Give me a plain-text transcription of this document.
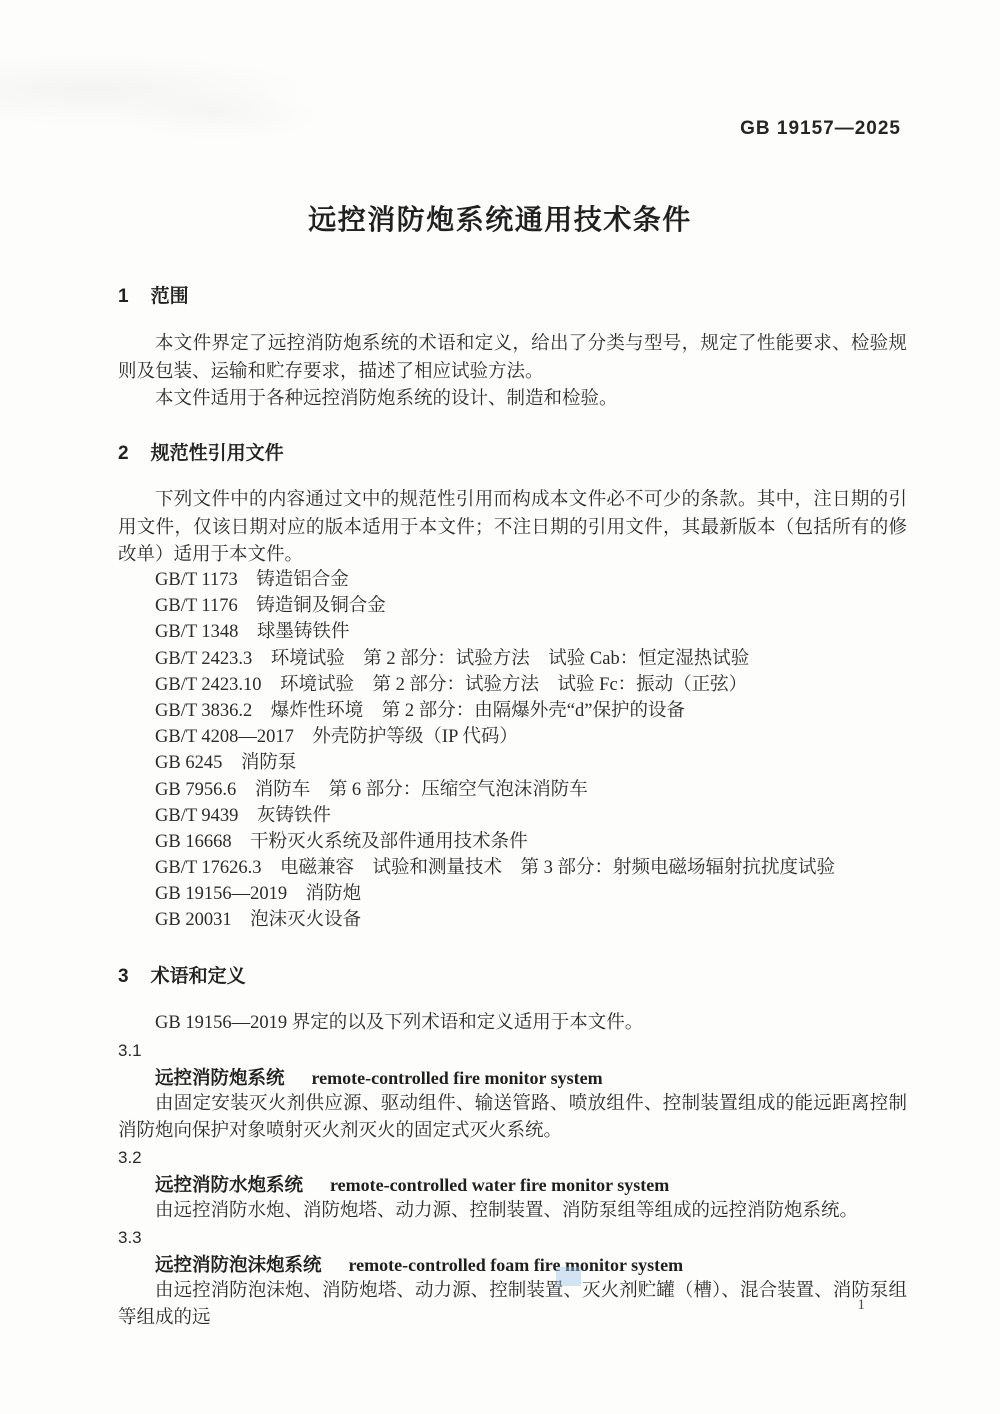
GB 19157—2025
远控消防炮系统通用技术条件
1 范围

本文件界定了远控消防炮系统的术语和定义，给出了分类与型号，规定了性能要求、检验规则及包装、运输和贮存要求，描述了相应试验方法。

本文件适用于各种远控消防炮系统的设计、制造和检验。

2 规范性引用文件

下列文件中的内容通过文中的规范性引用而构成本文件必不可少的条款。其中，注日期的引用文件，仅该日期对应的版本适用于本文件；不注日期的引用文件，其最新版本（包括所有的修改单）适用于本文件。

GB/T 1173　铸造铝合金
GB/T 1176　铸造铜及铜合金
GB/T 1348　球墨铸铁件
GB/T 2423.3　环境试验　第 2 部分：试验方法　试验 Cab：恒定湿热试验
GB/T 2423.10　环境试验　第 2 部分：试验方法　试验 Fc：振动（正弦）
GB/T 3836.2　爆炸性环境　第 2 部分：由隔爆外壳“d”保护的设备
GB/T 4208—2017　外壳防护等级（IP 代码）
GB 6245　消防泵
GB 7956.6　消防车　第 6 部分：压缩空气泡沫消防车
GB/T 9439　灰铸铁件
GB 16668　干粉灭火系统及部件通用技术条件
GB/T 17626.3　电磁兼容　试验和测量技术　第 3 部分：射频电磁场辐射抗扰度试验
GB 19156—2019　消防炮
GB 20031　泡沫灭火设备
3 术语和定义

GB 19156—2019 界定的以及下列术语和定义适用于本文件。

3.1
远控消防炮系统 remote-controlled fire monitor system

由固定安装灭火剂供应源、驱动组件、输送管路、喷放组件、控制装置组成的能远距离控制消防炮向保护对象喷射灭火剂灭火的固定式灭火系统。

3.2
远控消防水炮系统 remote-controlled water fire monitor system

由远控消防水炮、消防炮塔、动力源、控制装置、消防泵组等组成的远控消防炮系统。

3.3
远控消防泡沫炮系统 remote-controlled foam fire monitor system

由远控消防泡沫炮、消防炮塔、动力源、控制装置、灭火剂贮罐（槽）、混合装置、消防泵组等组成的远

1
